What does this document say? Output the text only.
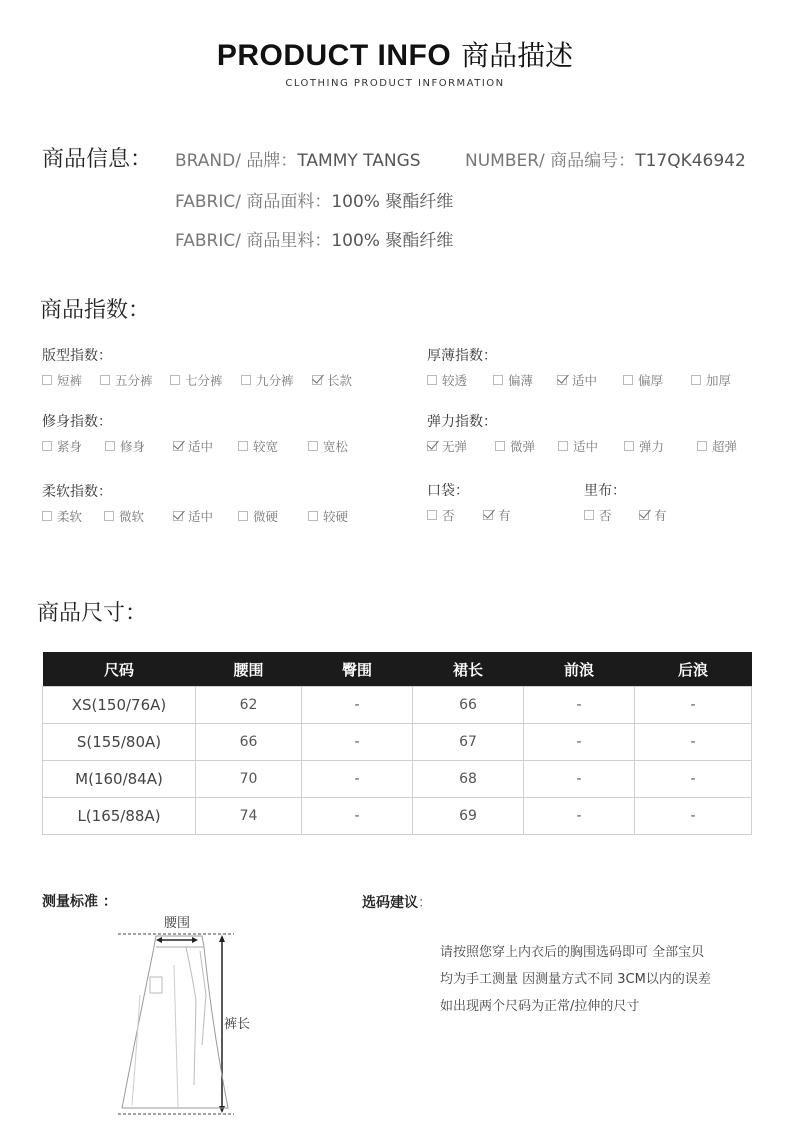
PRODUCT INFO 商品描述
CLOTHING PRODUCT INFORMATION
商品信息： BRAND/ 品牌：TAMMY TANGS	NUMBER/ 商品编号：T17QK46942
FABRIC/ 商品面料：100% 聚酯纤维
FABRIC/ 商品里料：100% 聚酯纤维
商品指数：
版型指数：
短裤	五分裤	七分裤	九分裤	长款
厚薄指数：
较透	偏薄	适中	偏厚	加厚
修身指数：
紧身	修身	适中	较宽	宽松
弹力指数：
无弹	微弹	适中	弹力	超弹
柔软指数：
柔软	微软	适中	微硬	较硬
口袋：
否	有
里布：
否	有
商品尺寸：
尺码	腰围	臀围	裙长	前浪	后浪
XS(150/76A)	62	-	66	-	-
S(155/80A)	66	-	67	-	-
M(160/84A)	70	-	68	-	-
L(165/88A)	74	-	69	-	-
测量标准 ：
腰围
裤长
选码建议：
请按照您穿上内衣后的胸围选码即可 全部宝贝
均为手工测量 因测量方式不同 3CM以内的误差
如出现两个尺码为正常/拉伸的尺寸
